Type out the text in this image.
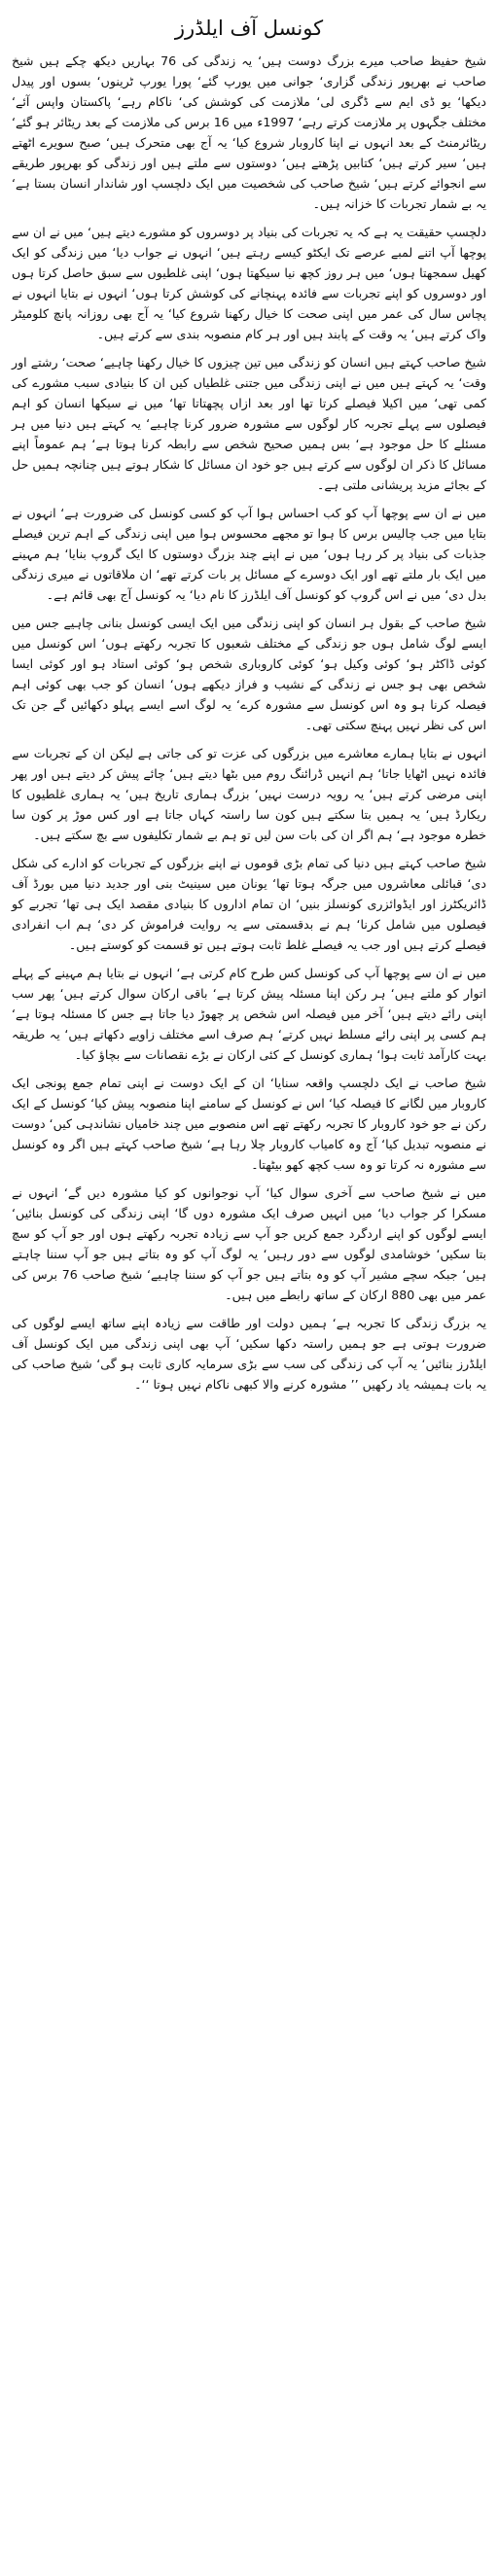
کونسل آف ایلڈرز

شیخ حفیظ صاحب میرے بزرگ دوست ہیں‘ یہ زندگی کی 76 بہاریں دیکھ چکے ہیں شیخ صاحب نے بھرپور زندگی گزاری‘ جوانی میں یورپ گئے‘ پورا یورپ ٹرینوں‘ بسوں اور پیدل دیکھا‘ یو ڈی ایم سے ڈگری لی‘ ملازمت کی کوشش کی‘ ناکام رہے‘ پاکستان واپس آئے‘ مختلف جگہوں پر ملازمت کرتے رہے‘ 1997ء میں 16 برس کی ملازمت کے بعد ریٹائر ہو گئے‘ ریٹائرمنٹ کے بعد انہوں نے اپنا کاروبار شروع کیا‘ یہ آج بھی متحرک ہیں‘ صبح سویرے اٹھتے ہیں‘ سیر کرتے ہیں‘ کتابیں پڑھتے ہیں‘ دوستوں سے ملتے ہیں اور زندگی کو بھرپور طریقے سے انجوائے کرتے ہیں‘ شیخ صاحب کی شخصیت میں ایک دلچسپ اور شاندار انسان بستا ہے‘ یہ بے شمار تجربات کا خزانہ ہیں۔

دلچسپ حقیقت یہ ہے کہ یہ تجربات کی بنیاد پر دوسروں کو مشورے دیتے ہیں‘ میں نے ان سے پوچھا آپ اتنے لمبے عرصے تک ایکٹو کیسے رہتے ہیں‘ انہوں نے جواب دیا‘ میں زندگی کو ایک کھیل سمجھتا ہوں‘ میں ہر روز کچھ نیا سیکھتا ہوں‘ اپنی غلطیوں سے سبق حاصل کرتا ہوں اور دوسروں کو اپنے تجربات سے فائدہ پہنچانے کی کوشش کرتا ہوں‘ انہوں نے بتایا انہوں نے پچاس سال کی عمر میں اپنی صحت کا خیال رکھنا شروع کیا‘ یہ آج بھی روزانہ پانچ کلومیٹر واک کرتے ہیں‘ یہ وقت کے پابند ہیں اور ہر کام منصوبہ بندی سے کرتے ہیں۔

شیخ صاحب کہتے ہیں انسان کو زندگی میں تین چیزوں کا خیال رکھنا چاہیے‘ صحت‘ رشتے اور وقت‘ یہ کہتے ہیں میں نے اپنی زندگی میں جتنی غلطیاں کیں ان کا بنیادی سبب مشورے کی کمی تھی‘ میں اکیلا فیصلے کرتا تھا اور بعد ازاں پچھتاتا تھا‘ میں نے سیکھا انسان کو اہم فیصلوں سے پہلے تجربہ کار لوگوں سے مشورہ ضرور کرنا چاہیے‘ یہ کہتے ہیں دنیا میں ہر مسئلے کا حل موجود ہے‘ بس ہمیں صحیح شخص سے رابطہ کرنا ہوتا ہے‘ ہم عموماً اپنے مسائل کا ذکر ان لوگوں سے کرتے ہیں جو خود ان مسائل کا شکار ہوتے ہیں چنانچہ ہمیں حل کے بجائے مزید پریشانی ملتی ہے۔

میں نے ان سے پوچھا آپ کو کب احساس ہوا آپ کو کسی کونسل کی ضرورت ہے‘ انہوں نے بتایا میں جب چالیس برس کا ہوا تو مجھے محسوس ہوا میں اپنی زندگی کے اہم ترین فیصلے جذبات کی بنیاد پر کر رہا ہوں‘ میں نے اپنے چند بزرگ دوستوں کا ایک گروپ بنایا‘ ہم مہینے میں ایک بار ملتے تھے اور ایک دوسرے کے مسائل پر بات کرتے تھے‘ ان ملاقاتوں نے میری زندگی بدل دی‘ میں نے اس گروپ کو کونسل آف ایلڈرز کا نام دیا‘ یہ کونسل آج بھی قائم ہے۔

شیخ صاحب کے بقول ہر انسان کو اپنی زندگی میں ایک ایسی کونسل بنانی چاہیے جس میں ایسے لوگ شامل ہوں جو زندگی کے مختلف شعبوں کا تجربہ رکھتے ہوں‘ اس کونسل میں کوئی ڈاکٹر ہو‘ کوئی وکیل ہو‘ کوئی کاروباری شخص ہو‘ کوئی استاد ہو اور کوئی ایسا شخص بھی ہو جس نے زندگی کے نشیب و فراز دیکھے ہوں‘ انسان کو جب بھی کوئی اہم فیصلہ کرنا ہو وہ اس کونسل سے مشورہ کرے‘ یہ لوگ اسے ایسے پہلو دکھائیں گے جن تک اس کی نظر نہیں پہنچ سکتی تھی۔

انہوں نے بتایا ہمارے معاشرے میں بزرگوں کی عزت تو کی جاتی ہے لیکن ان کے تجربات سے فائدہ نہیں اٹھایا جاتا‘ ہم انہیں ڈرائنگ روم میں بٹھا دیتے ہیں‘ چائے پیش کر دیتے ہیں اور پھر اپنی مرضی کرتے ہیں‘ یہ رویہ درست نہیں‘ بزرگ ہماری تاریخ ہیں‘ یہ ہماری غلطیوں کا ریکارڈ ہیں‘ یہ ہمیں بتا سکتے ہیں کون سا راستہ کہاں جاتا ہے اور کس موڑ پر کون سا خطرہ موجود ہے‘ ہم اگر ان کی بات سن لیں تو ہم بے شمار تکلیفوں سے بچ سکتے ہیں۔

شیخ صاحب کہتے ہیں دنیا کی تمام بڑی قوموں نے اپنے بزرگوں کے تجربات کو ادارے کی شکل دی‘ قبائلی معاشروں میں جرگہ ہوتا تھا‘ یونان میں سینیٹ بنی اور جدید دنیا میں بورڈ آف ڈائریکٹرز اور ایڈوائزری کونسلز بنیں‘ ان تمام اداروں کا بنیادی مقصد ایک ہی تھا‘ تجربے کو فیصلوں میں شامل کرنا‘ ہم نے بدقسمتی سے یہ روایت فراموش کر دی‘ ہم اب انفرادی فیصلے کرتے ہیں اور جب یہ فیصلے غلط ثابت ہوتے ہیں تو قسمت کو کوستے ہیں۔

میں نے ان سے پوچھا آپ کی کونسل کس طرح کام کرتی ہے‘ انہوں نے بتایا ہم مہینے کے پہلے اتوار کو ملتے ہیں‘ ہر رکن اپنا مسئلہ پیش کرتا ہے‘ باقی ارکان سوال کرتے ہیں‘ پھر سب اپنی رائے دیتے ہیں‘ آخر میں فیصلہ اس شخص پر چھوڑ دیا جاتا ہے جس کا مسئلہ ہوتا ہے‘ ہم کسی پر اپنی رائے مسلط نہیں کرتے‘ ہم صرف اسے مختلف زاویے دکھاتے ہیں‘ یہ طریقہ بہت کارآمد ثابت ہوا‘ ہماری کونسل کے کئی ارکان نے بڑے نقصانات سے بچاؤ کیا۔

شیخ صاحب نے ایک دلچسپ واقعہ سنایا‘ ان کے ایک دوست نے اپنی تمام جمع پونجی ایک کاروبار میں لگانے کا فیصلہ کیا‘ اس نے کونسل کے سامنے اپنا منصوبہ پیش کیا‘ کونسل کے ایک رکن نے جو خود کاروبار کا تجربہ رکھتے تھے اس منصوبے میں چند خامیاں نشاندہی کیں‘ دوست نے منصوبہ تبدیل کیا‘ آج وہ کامیاب کاروبار چلا رہا ہے‘ شیخ صاحب کہتے ہیں اگر وہ کونسل سے مشورہ نہ کرتا تو وہ سب کچھ کھو بیٹھتا۔

میں نے شیخ صاحب سے آخری سوال کیا‘ آپ نوجوانوں کو کیا مشورہ دیں گے‘ انہوں نے مسکرا کر جواب دیا‘ میں انہیں صرف ایک مشورہ دوں گا‘ اپنی زندگی کی کونسل بنائیں‘ ایسے لوگوں کو اپنے اردگرد جمع کریں جو آپ سے زیادہ تجربہ رکھتے ہوں اور جو آپ کو سچ بتا سکیں‘ خوشامدی لوگوں سے دور رہیں‘ یہ لوگ آپ کو وہ بتاتے ہیں جو آپ سننا چاہتے ہیں‘ جبکہ سچے مشیر آپ کو وہ بتاتے ہیں جو آپ کو سننا چاہیے‘ شیخ صاحب 76 برس کی عمر میں بھی 880 ارکان کے ساتھ رابطے میں ہیں۔

یہ بزرگ زندگی کا تجربہ ہے‘ ہمیں دولت اور طاقت سے زیادہ اپنے ساتھ ایسے لوگوں کی ضرورت ہوتی ہے جو ہمیں راستہ دکھا سکیں‘ آپ بھی اپنی زندگی میں ایک کونسل آف ایلڈرز بنائیں‘ یہ آپ کی زندگی کی سب سے بڑی سرمایہ کاری ثابت ہو گی‘ شیخ صاحب کی یہ بات ہمیشہ یاد رکھیں ’’ مشورہ کرنے والا کبھی ناکام نہیں ہوتا ‘‘۔
